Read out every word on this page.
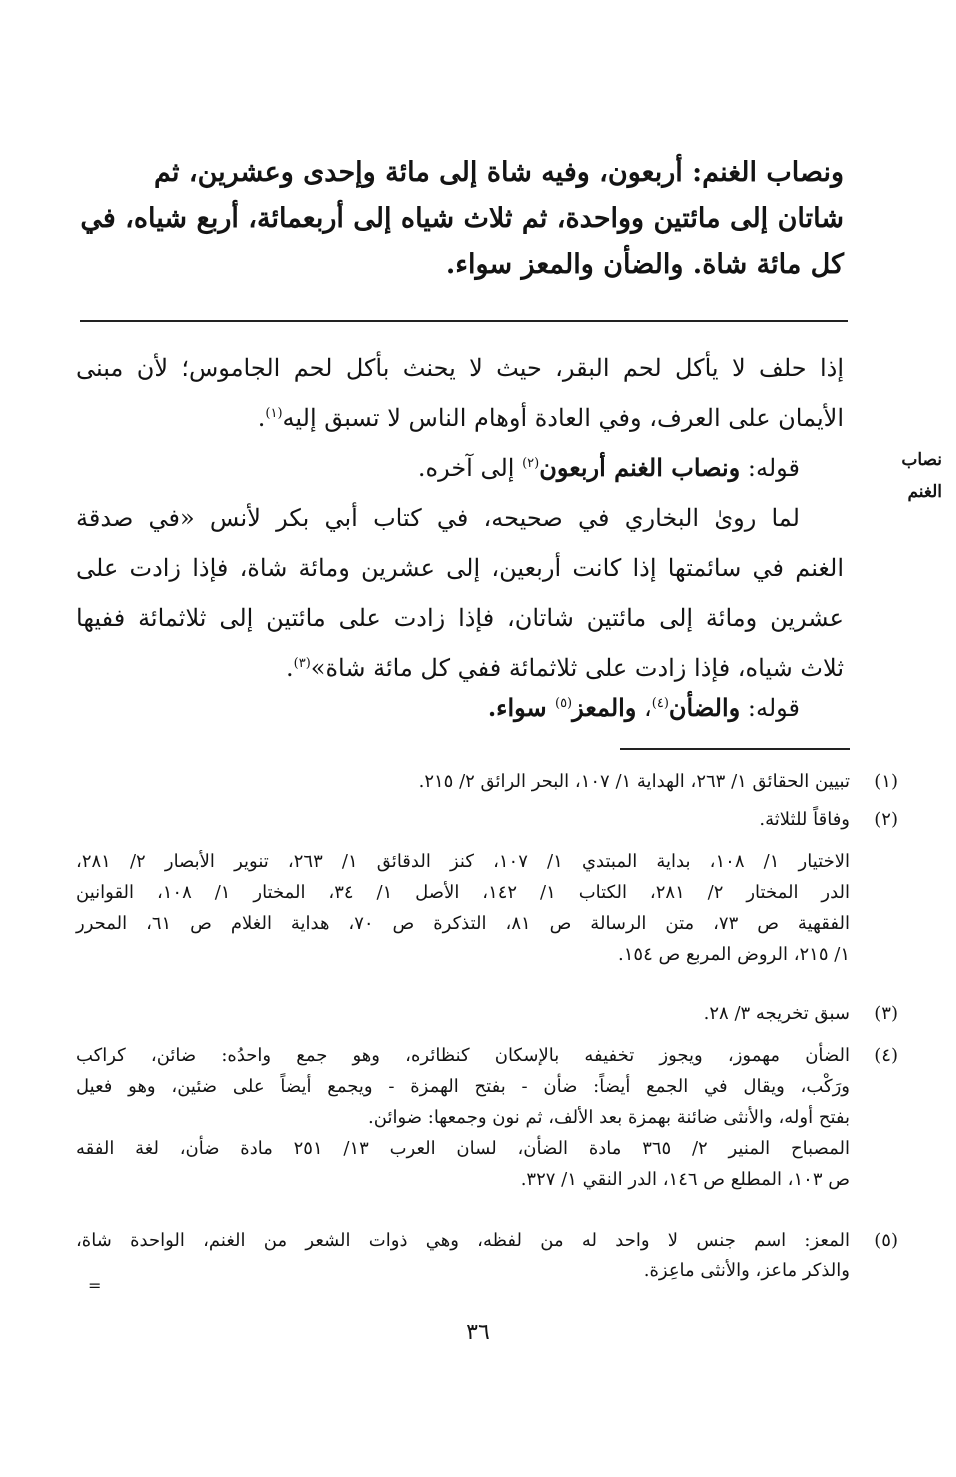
ونصاب الغنم: أربعون، وفيه شاة إلى مائة وإحدى وعشرين، ثم
شاتان إلى مائتين وواحدة، ثم ثلاث شياه إلى أربعمائة، أربع شياه، في
كل مائة شاة. والضأن والمعز سواء.
إذا حلف لا يأكل لحم البقر، حيث لا يحنث بأكل لحم الجاموس؛ لأن مبنى
الأيمان على العرف، وفي العادة أوهام الناس لا تسبق إليه$^{(١)}$.
قوله: ونصاب الغنم أربعون$^{(٢)}$ إلى آخره.	نصاب
الغنم
لما روىٰ البخاري في صحيحه، في كتاب أبي بكر لأنس «في صدقة
الغنم في سائمتها إذا كانت أربعين، إلى عشرين ومائة شاة، فإذا زادت على
عشرين ومائة إلى مائتين شاتان، فإذا زادت على مائتين إلى ثلاثمائة ففيها
ثلاث شياه، فإذا زادت على ثلاثمائة ففي كل مائة شاة»$^{(٣)}$.
قوله: والضأن$^{(٤)}$، والمعز$^{(٥)}$ سواء.
(١)
تبيين الحقائق ١/ ٢٦٣، الهداية ١/ ١٠٧، البحر الرائق ٢/ ٢١٥.
(٢)
وفاقاً للثلاثة.
الاختيار ١/ ١٠٨، بداية المبتدي ١/ ١٠٧، كنز الدقائق ١/ ٢٦٣، تنوير الأبصار ٢/ ٢٨١،
الدر المختار ٢/ ٢٨١، الكتاب ١/ ١٤٢، الأصل ١/ ٣٤، المختار ١/ ١٠٨، القوانين
الفقهية ص ٧٣، متن الرسالة ص ٨١، التذكرة ص ٧٠، هداية الغلام ص ٦١، المحرر
١/ ٢١٥، الروض المربع ص ١٥٤.
(٣)
سبق تخريجه ٣/ ٢٨.
(٤)
الضأن مهموز، ويجوز تخفيفه بالإسكان كنظائره، وهو جمع واحدُه: ضائن، كراكب
ورَكْب، ويقال في الجمع أيضاً: ضأن - بفتح الهمزة - ويجمع أيضاً على ضئين، وهو فعيل
بفتح أوله، والأنثى ضائنة بهمزة بعد الألف، ثم نون وجمعها: ضوائن.
المصباح المنير ٢/ ٣٦٥ مادة الضأن، لسان العرب ١٣/ ٢٥١ مادة ضأن، لغة الفقه
ص ١٠٣، المطلع ص ١٤٦، الدر النقي ١/ ٣٢٧.
(٥)
المعز: اسم جنس لا واحد له من لفظه، وهي ذوات الشعر من الغنم، الواحدة شاة،
والذكر ماعز، والأنثى ماعِزة.
=
٣٦
